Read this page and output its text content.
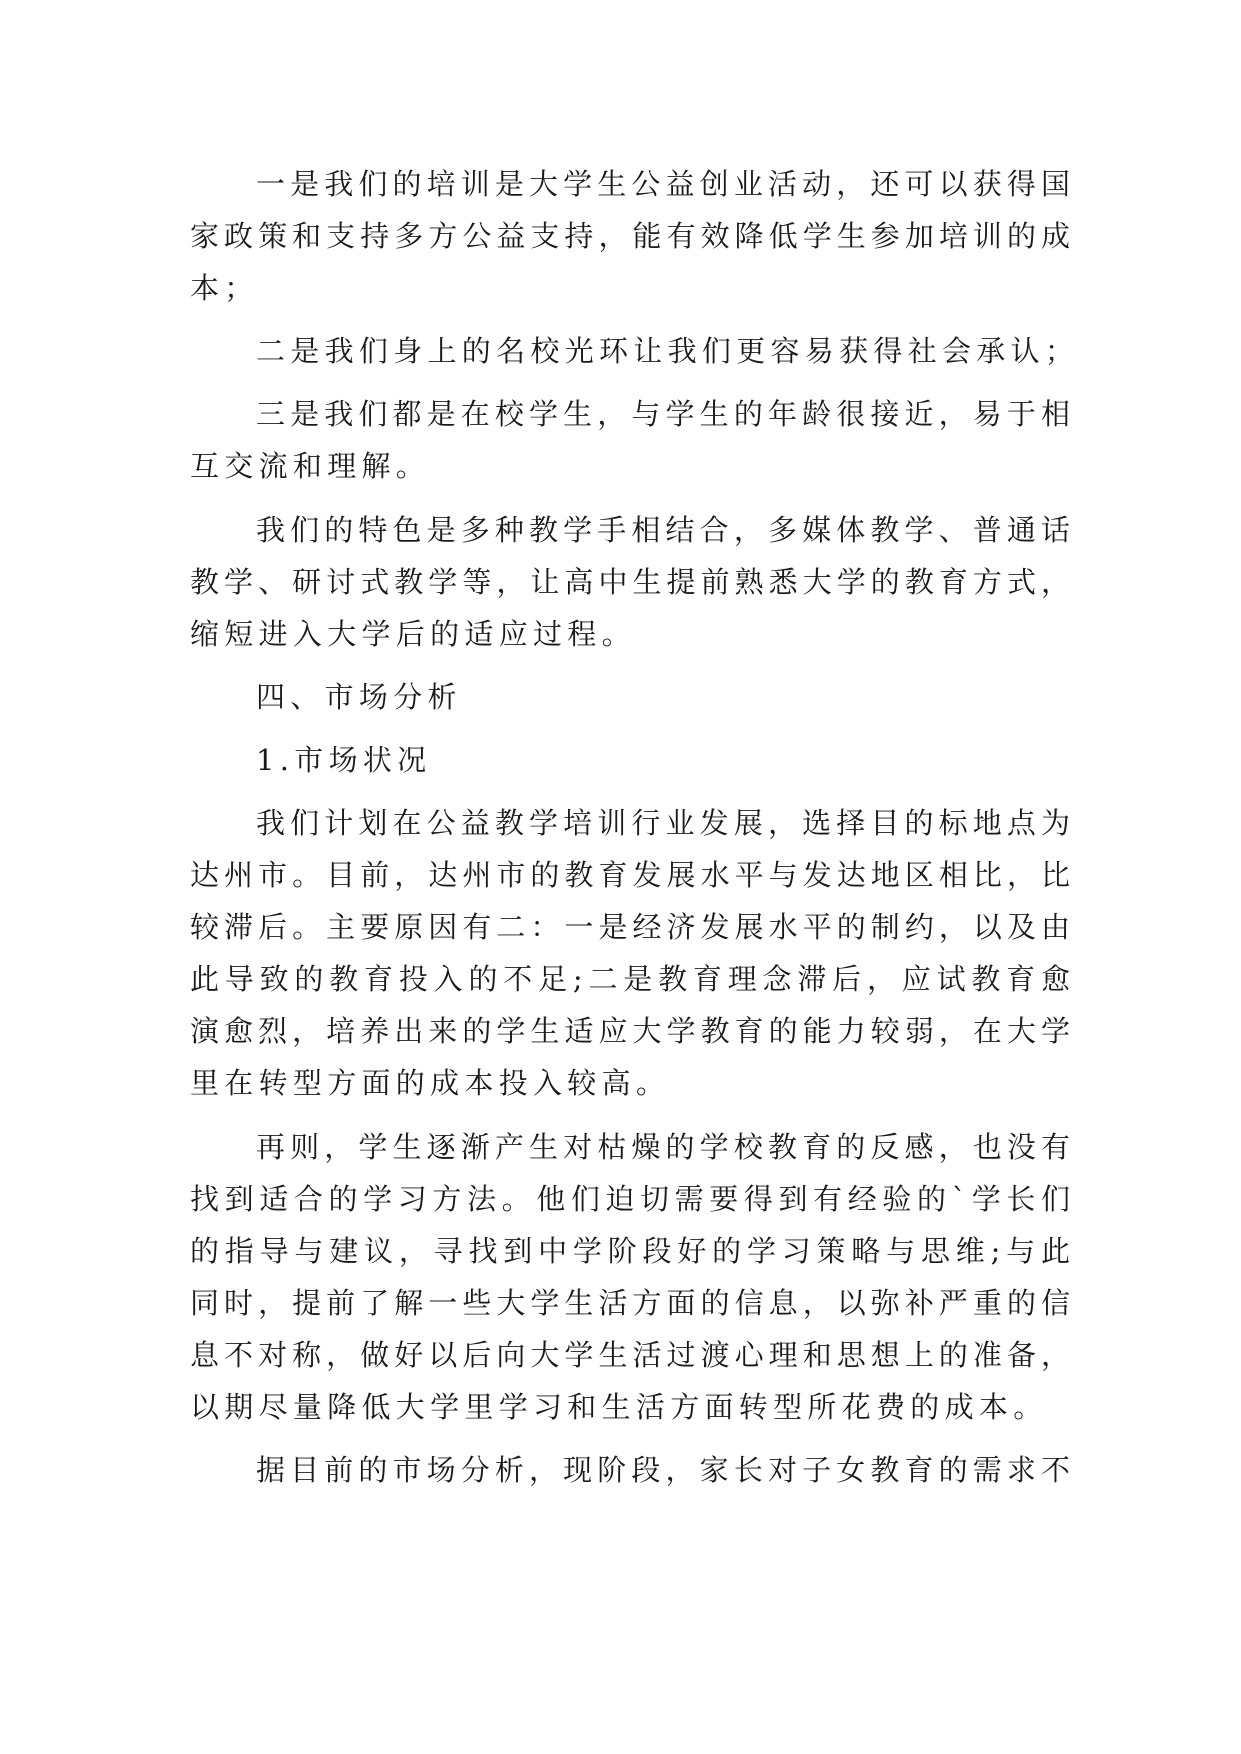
一是我们的培训是大学生公益创业活动，还可以获得国
家政策和支持多方公益支持，能有效降低学生参加培训的成
本；
二是我们身上的名校光环让我们更容易获得社会承认；
三是我们都是在校学生，与学生的年龄很接近，易于相
互交流和理解。
我们的特色是多种教学手相结合，多媒体教学、普通话
教学、研讨式教学等，让高中生提前熟悉大学的教育方式，
缩短进入大学后的适应过程。
四、市场分析
1.市场状况
我们计划在公益教学培训行业发展，选择目的标地点为
达州市。目前，达州市的教育发展水平与发达地区相比，比
较滞后。主要原因有二：一是经济发展水平的制约，以及由
此导致的教育投入的不足;二是教育理念滞后，应试教育愈
演愈烈，培养出来的学生适应大学教育的能力较弱，在大学
里在转型方面的成本投入较高。
再则，学生逐渐产生对枯燥的学校教育的反感，也没有
找到适合的学习方法。他们迫切需要得到有经验的`学长们
的指导与建议，寻找到中学阶段好的学习策略与思维;与此
同时，提前了解一些大学生活方面的信息，以弥补严重的信
息不对称，做好以后向大学生活过渡心理和思想上的准备，
以期尽量降低大学里学习和生活方面转型所花费的成本。
据目前的市场分析，现阶段，家长对子女教育的需求不
